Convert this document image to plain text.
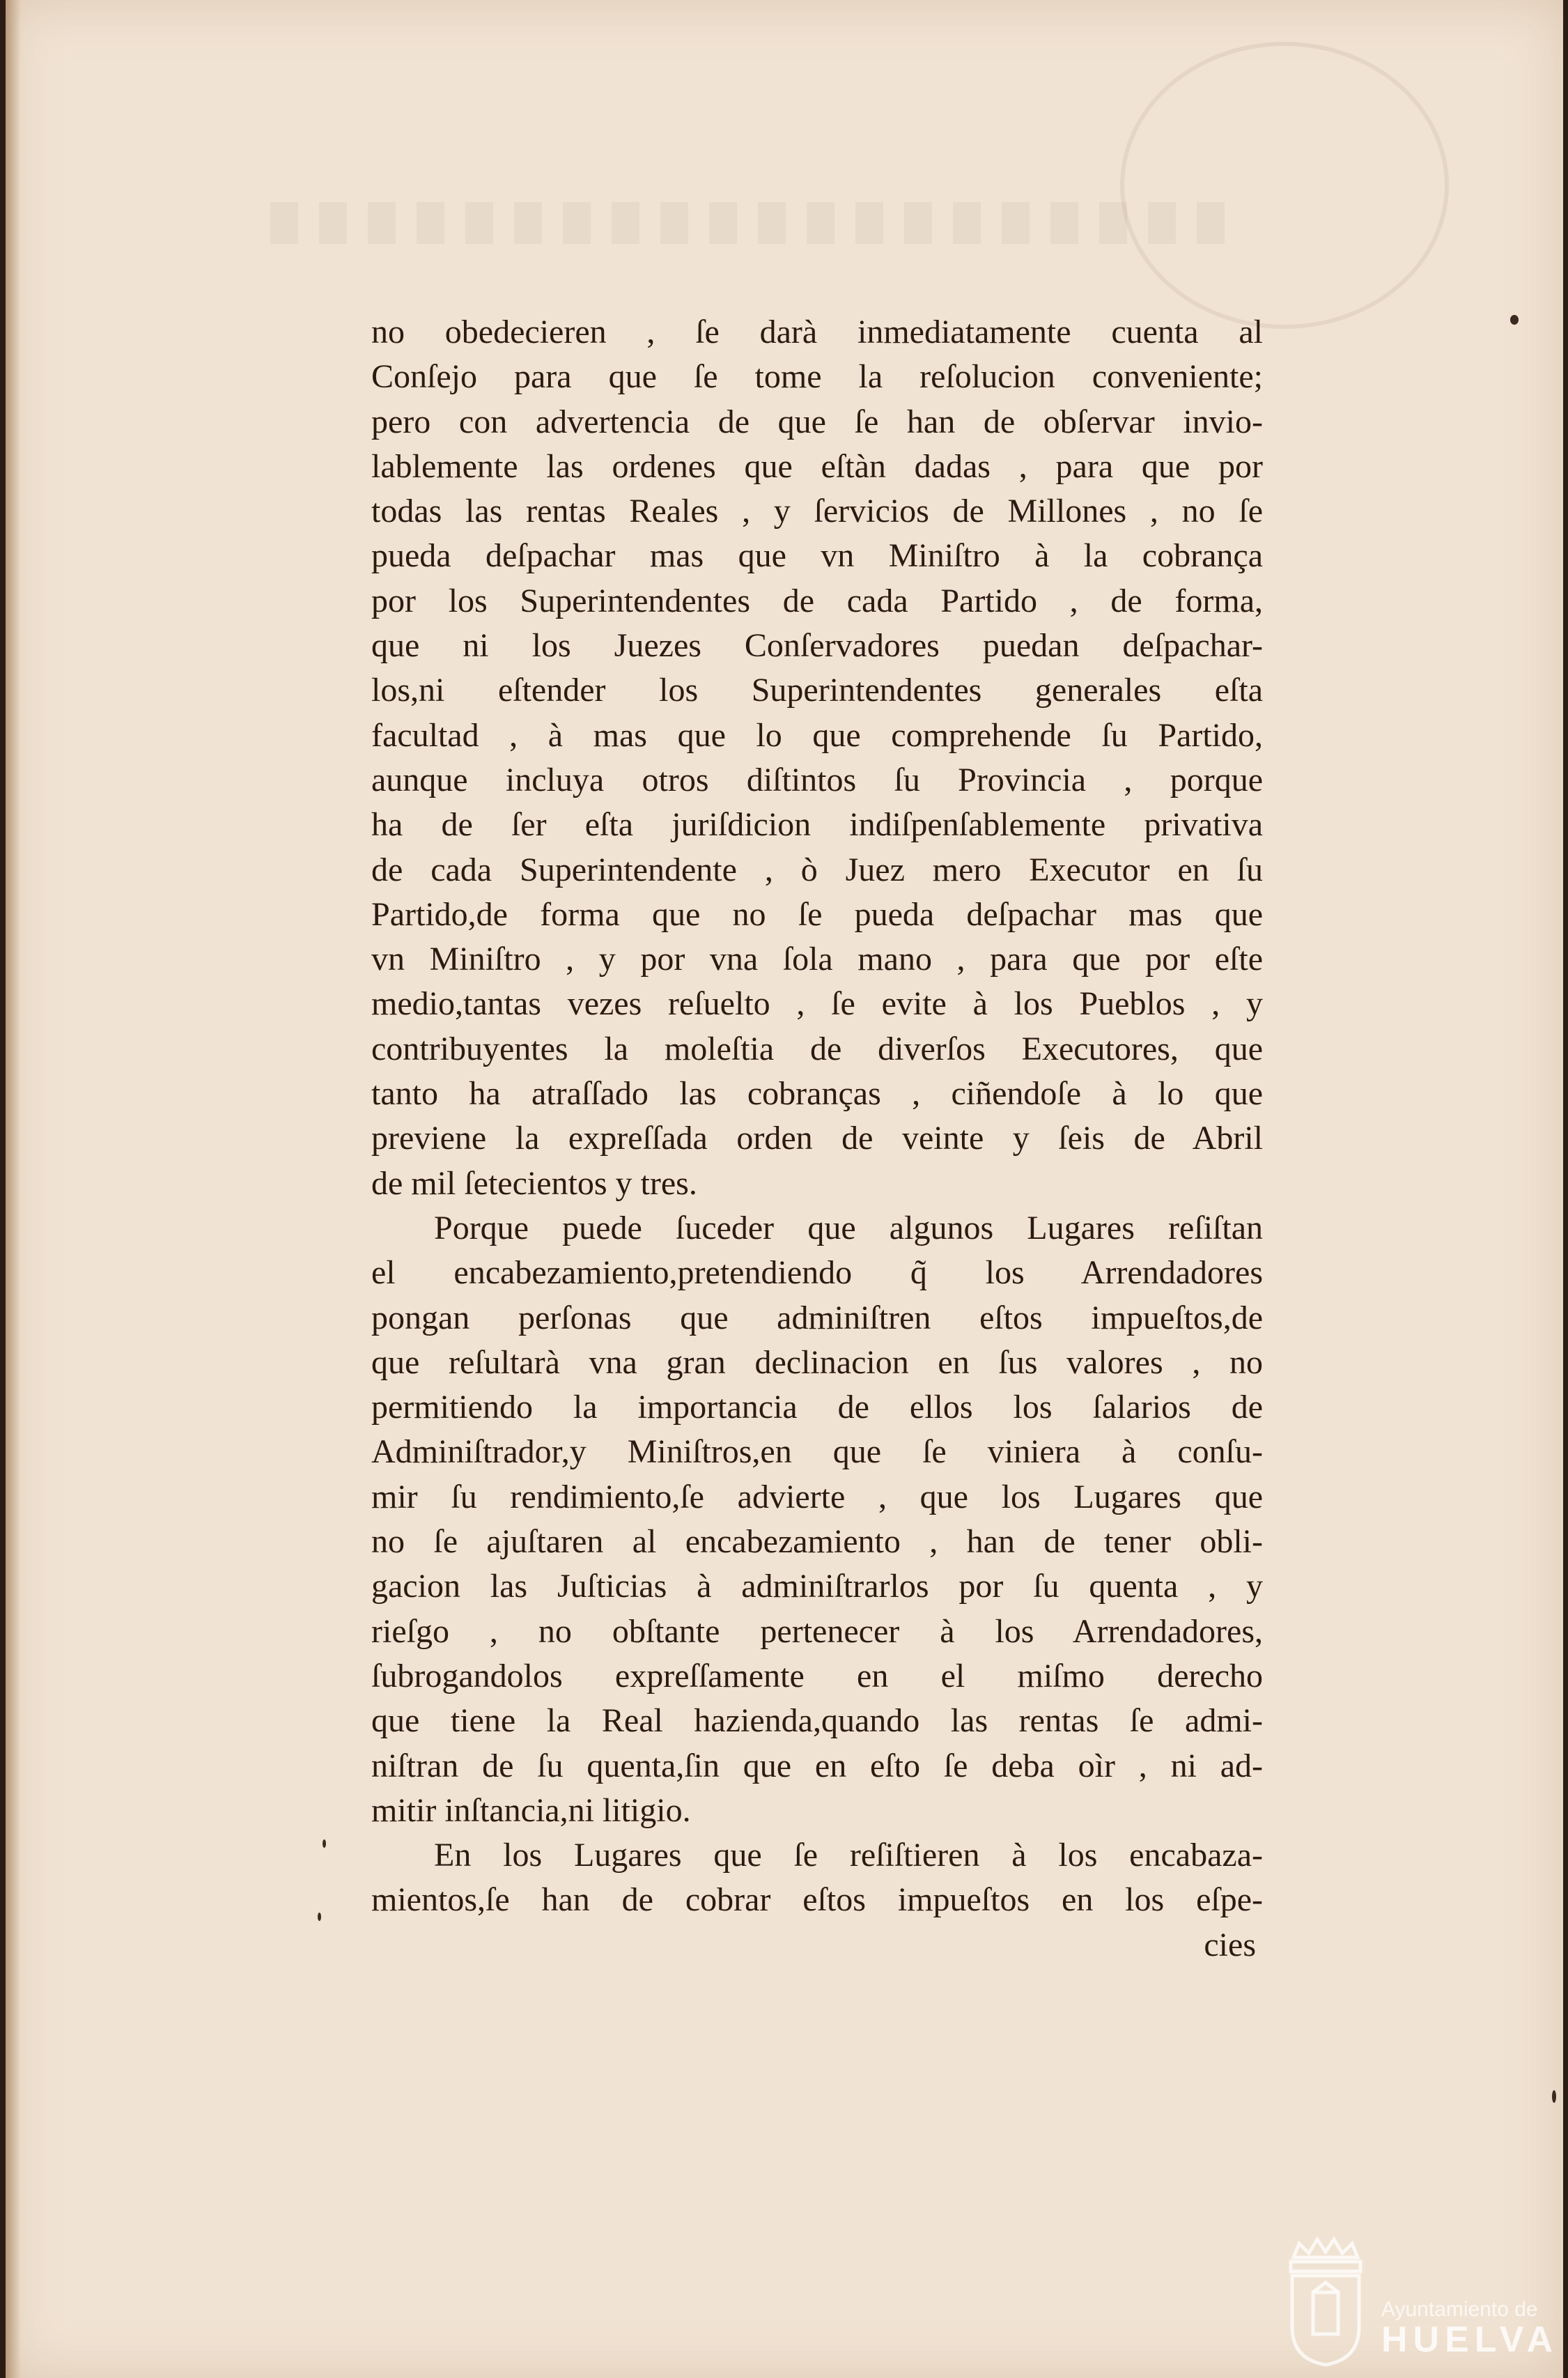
no obedecieren , ſe darà inmediatamente cuenta al
Conſejo para que ſe tome la reſolucion conveniente;
pero con advertencia de que ſe han de obſervar invio-
lablemente las ordenes que eſtàn dadas , para que por
todas las rentas Reales , y ſervicios de Millones , no ſe
pueda deſpachar mas que vn Miniſtro à la cobrança
por los Superintendentes de cada Partido , de forma,
que ni los Juezes Conſervadores puedan deſpachar-
los,ni eſtender los Superintendentes generales eſta
facultad , à mas que lo que comprehende ſu Partido,
aunque incluya otros diſtintos ſu Provincia , porque
ha de ſer eſta juriſdicion indiſpenſablemente privativa
de cada Superintendente , ò Juez mero Executor en ſu
Partido,de forma que no ſe pueda deſpachar mas que
vn Miniſtro , y por vna ſola mano , para que por eſte
medio,tantas vezes reſuelto , ſe evite à los Pueblos , y
contribuyentes la moleſtia de diverſos Executores, que
tanto ha atraſſado las cobranças , ciñendoſe à lo que
previene la expreſſada orden de veinte y ſeis de Abril
de mil ſetecientos y tres.
Porque puede ſuceder que algunos Lugares reſiſtan
el encabezamiento,pretendiendo q̃ los Arrendadores
pongan perſonas que adminiſtren eſtos impueſtos,de
que reſultarà vna gran declinacion en ſus valores , no
permitiendo la importancia de ellos los ſalarios de
Adminiſtrador,y Miniſtros,en que ſe viniera à conſu-
mir ſu rendimiento,ſe advierte , que los Lugares que
no ſe ajuſtaren al encabezamiento , han de tener obli-
gacion las Juſticias à adminiſtrarlos por ſu quenta , y
rieſgo , no obſtante pertenecer à los Arrendadores,
ſubrogandolos expreſſamente en el miſmo derecho
que tiene la Real hazienda,quando las rentas ſe admi-
niſtran de ſu quenta,ſin que en eſto ſe deba oìr , ni ad-
mitir inſtancia,ni litigio.
En los Lugares que ſe reſiſtieren à los encabaza-
mientos,ſe han de cobrar eſtos impueſtos en los eſpe-
cies
Ayuntamiento de
HUELVA
